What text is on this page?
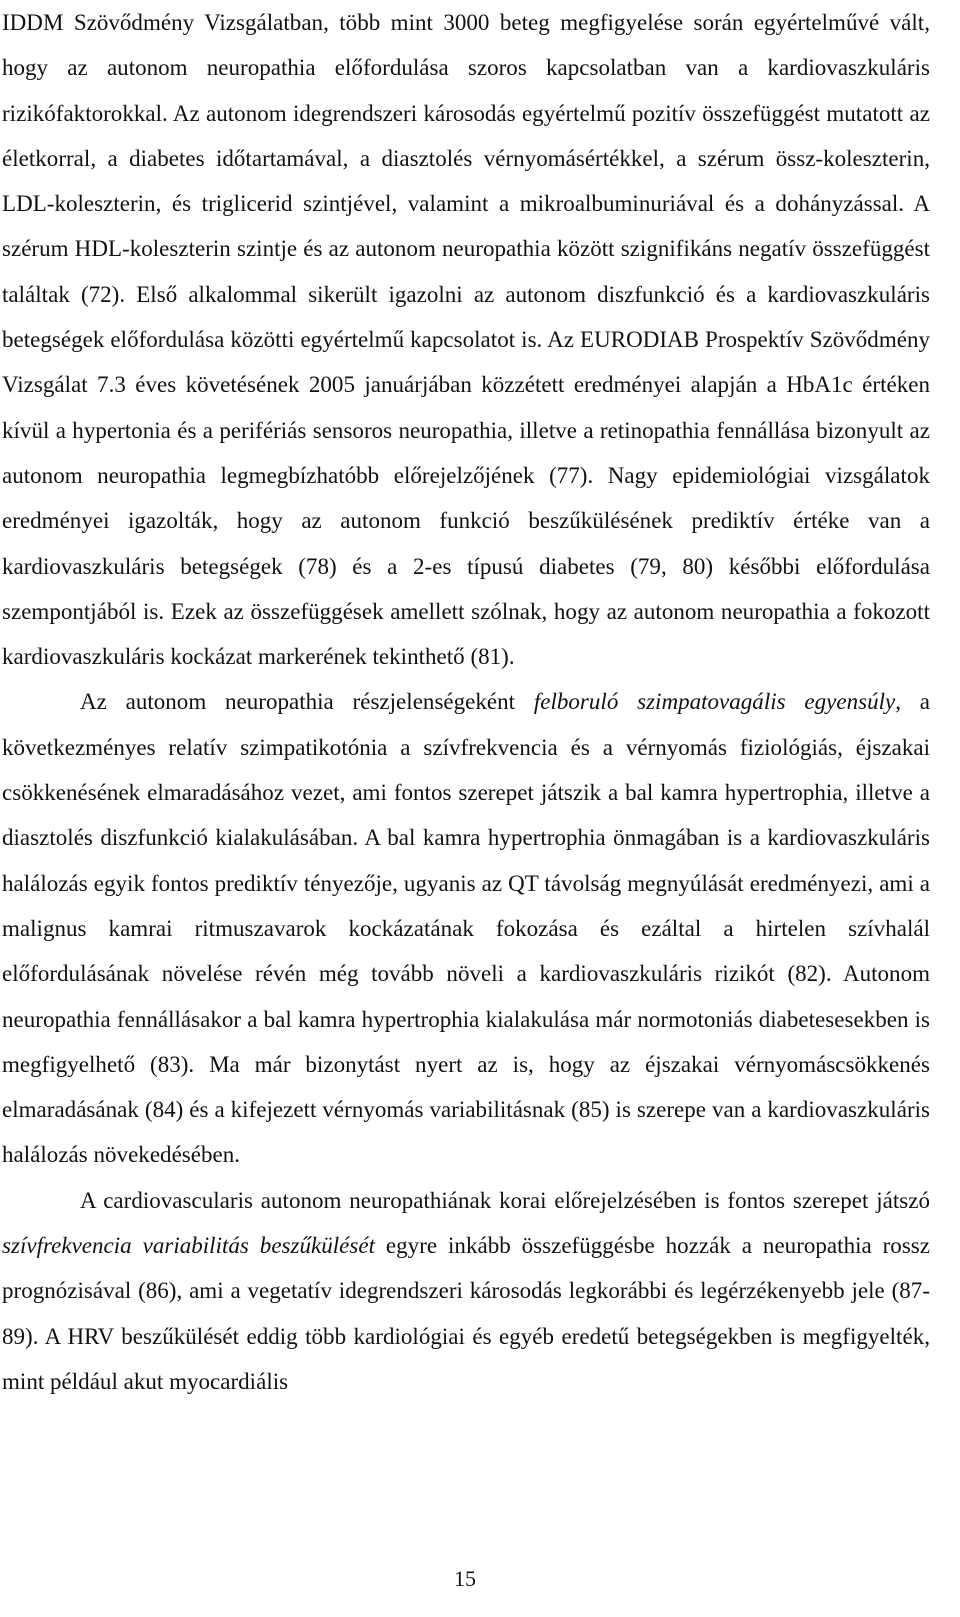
IDDM Szövődmény Vizsgálatban, több mint 3000 beteg megfigyelése során egyértelművé vált, hogy az autonom neuropathia előfordulása szoros kapcsolatban van a kardiovaszkuláris rizikófaktorokkal. Az autonom idegrendszeri károsodás egyértelmű pozitív összefüggést mutatott az életkorral, a diabetes időtartamával, a diasztolés vérnyomásértékkel, a szérum össz-koleszterin, LDL-koleszterin, és triglicerid szintjével, valamint a mikroalbuminuriával és a dohányzással. A szérum HDL-koleszterin szintje és az autonom neuropathia között szignifikáns negatív összefüggést találtak (72). Első alkalommal sikerült igazolni az autonom diszfunkció és a kardiovaszkuláris betegségek előfordulása közötti egyértelmű kapcsolatot is. Az EURODIAB Prospektív Szövődmény Vizsgálat 7.3 éves követésének 2005 januárjában közzétett eredményei alapján a HbA1c értéken kívül a hypertonia és a perifériás sensoros neuropathia, illetve a retinopathia fennállása bizonyult az autonom neuropathia legmegbízhatóbb előrejelzőjének (77). Nagy epidemiológiai vizsgálatok eredményei igazolták, hogy az autonom funkció beszűkülésének prediktív értéke van a kardiovaszkuláris betegségek (78) és a 2-es típusú diabetes (79, 80) későbbi előfordulása szempontjából is. Ezek az összefüggések amellett szólnak, hogy az autonom neuropathia a fokozott kardiovaszkuláris kockázat markerének tekinthető (81).

Az autonom neuropathia részjelenségeként felboruló szimpatovagális egyensúly, a következményes relatív szimpatikotónia a szívfrekvencia és a vérnyomás fiziológiás, éjszakai csökkenésének elmaradásához vezet, ami fontos szerepet játszik a bal kamra hypertrophia, illetve a diasztolés diszfunkció kialakulásában. A bal kamra hypertrophia önmagában is a kardiovaszkuláris halálozás egyik fontos prediktív tényezője, ugyanis az QT távolság megnyúlását eredményezi, ami a malignus kamrai ritmuszavarok kockázatának fokozása és ezáltal a hirtelen szívhalál előfordulásának növelése révén még tovább növeli a kardiovaszkuláris rizikót (82). Autonom neuropathia fennállásakor a bal kamra hypertrophia kialakulása már normotoniás diabetesesekben is megfigyelhető (83). Ma már bizonytást nyert az is, hogy az éjszakai vérnyomáscsökkenés elmaradásának (84) és a kifejezett vérnyomás variabilitásnak (85) is szerepe van a kardiovaszkuláris halálozás növekedésében.

A cardiovascularis autonom neuropathiának korai előrejelzésében is fontos szerepet játszó szívfrekvencia variabilitás beszűkülését egyre inkább összefüggésbe hozzák a neuropathia rossz prognózisával (86), ami a vegetatív idegrendszeri károsodás legkorábbi és legérzékenyebb jele (87-89). A HRV beszűkülését eddig több kardiológiai és egyéb eredetű betegségekben is megfigyelték, mint például akut myocardiális

15
